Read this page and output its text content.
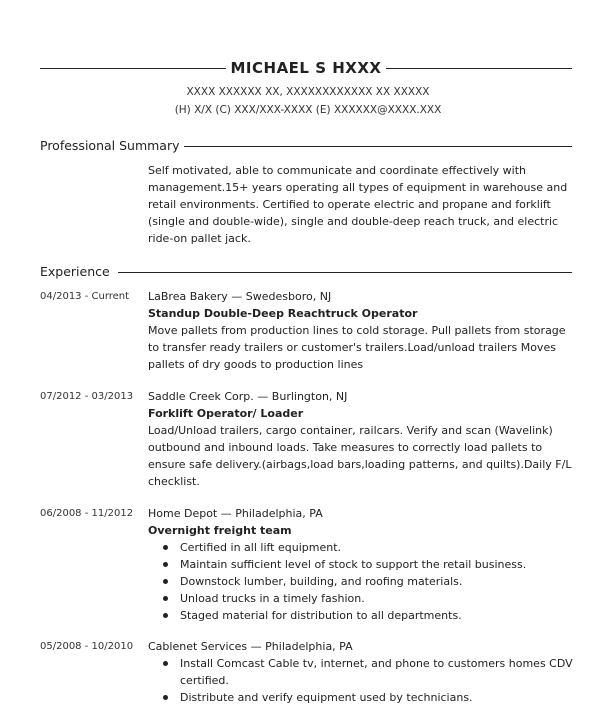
MICHAEL S HXXX
XXXX XXXXXX XX, XXXXXXXXXXXX XX XXXXX
(H) X/X (C) XXX/XXX-XXXX (E) XXXXXX@XXXX.XXX
Professional Summary
Self motivated, able to communicate and coordinate effectively with
management.15+ years operating all types of equipment in warehouse and
retail environments. Certified to operate electric and propane and forklift
(single and double-wide), single and double-deep reach truck, and electric
ride-on pallet jack.
Experience
04/2013 - Current	LaBrea Bakery — Swedesboro, NJ
Standup Double-Deep Reachtruck Operator
Move pallets from production lines to cold storage. Pull pallets from storage
to transfer ready trailers or customer's trailers.Load/unload trailers Moves
pallets of dry goods to production lines
07/2012 - 03/2013	Saddle Creek Corp. — Burlington, NJ
Forklift Operator/ Loader
Load/Unload trailers, cargo container, railcars. Verify and scan (Wavelink)
outbound and inbound loads. Take measures to correctly load pallets to
ensure safe delivery.(airbags,load bars,loading patterns, and quilts).Daily F/L
checklist.
06/2008 - 11/2012	Home Depot — Philadelphia, PA
Overnight freight team
Certified in all lift equipment.
Maintain sufficient level of stock to support the retail business.
Downstock lumber, building, and roofing materials.
Unload trucks in a timely fashion.
Staged material for distribution to all departments.
05/2008 - 10/2010	Cablenet Services — Philadelphia, PA
Install Comcast Cable tv, internet, and phone to customers homes CDV
certified.
Distribute and verify equipment used by technicians.
